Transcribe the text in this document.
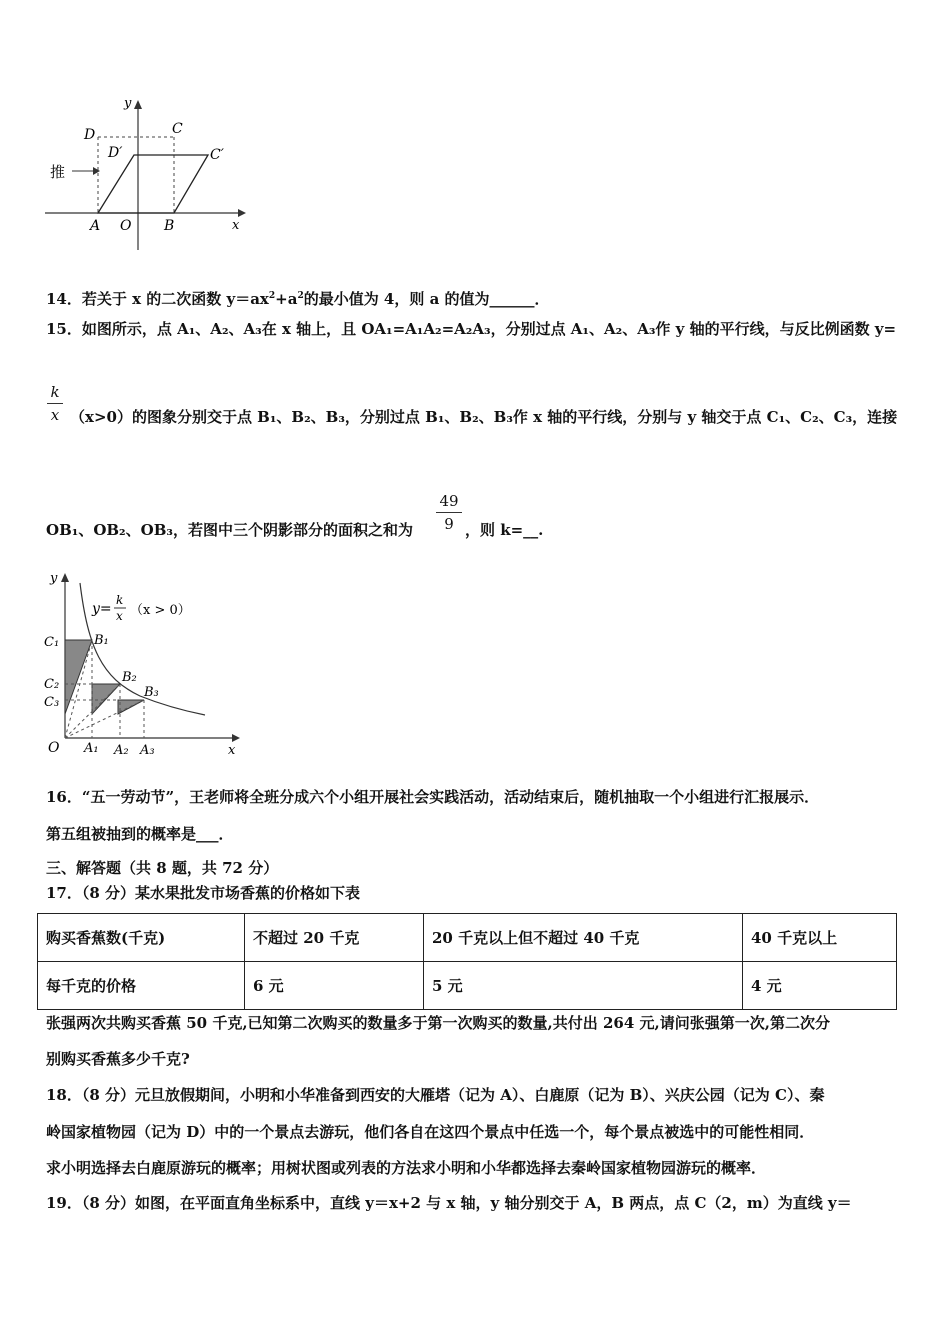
推
y
x
D	C
D′	C′
A O B
14．若关于 x 的二次函数 $y=ax^2+a^2$的最小值为 4，则 a 的值为______．
15．如图所示，点 A₁、A₂、A₃在 x 轴上，且 OA₁=A₁A₂=A₂A₃，分别过点 A₁、A₂、A₃作 y 轴的平行线，与反比例函数 y=
k
x （x>0）的图象分别交于点 B₁、B₂、B₃，分别过点 B₁、B₂、B₃作 x 轴的平行线，分别与 y 轴交于点 C₁、C₂、C₃，连接
49
9
OB₁、OB₂、OB₃，若图中三个阴影部分的面积之和为	，则 k=__.
y
x
O
y=
k
x （x > 0）
C₁
C₂
C₃
B₁
B₂
B₃
A₁ A₂ A₃
16．“五一劳动节”，王老师将全班分成六个小组开展社会实践活动，活动结束后，随机抽取一个小组进行汇报展示．
第五组被抽到的概率是___．
三、解答题（共 8 题，共 72 分）
17．（8 分）某水果批发市场香蕉的价格如下表
购买香蕉数(千克)	不超过 20 千克	20 千克以上但不超过 40 千克	40 千克以上
每千克的价格	6 元	5 元	4 元
张强两次共购买香蕉 50 千克,已知第二次购买的数量多于第一次购买的数量,共付出 264 元,请问张强第一次,第二次分
别购买香蕉多少千克?
18．（8 分）元旦放假期间，小明和小华准备到西安的大雁塔（记为 A）、白鹿原（记为 B）、兴庆公园（记为 C）、秦
岭国家植物园（记为 D）中的一个景点去游玩，他们各自在这四个景点中任选一个，每个景点被选中的可能性相同．
求小明选择去白鹿原游玩的概率；用树状图或列表的方法求小明和小华都选择去秦岭国家植物园游玩的概率．
19．（8 分）如图，在平面直角坐标系中，直线 y＝x+2 与 x 轴，y 轴分别交于 A，B 两点，点 C（2，m）为直线 y＝
